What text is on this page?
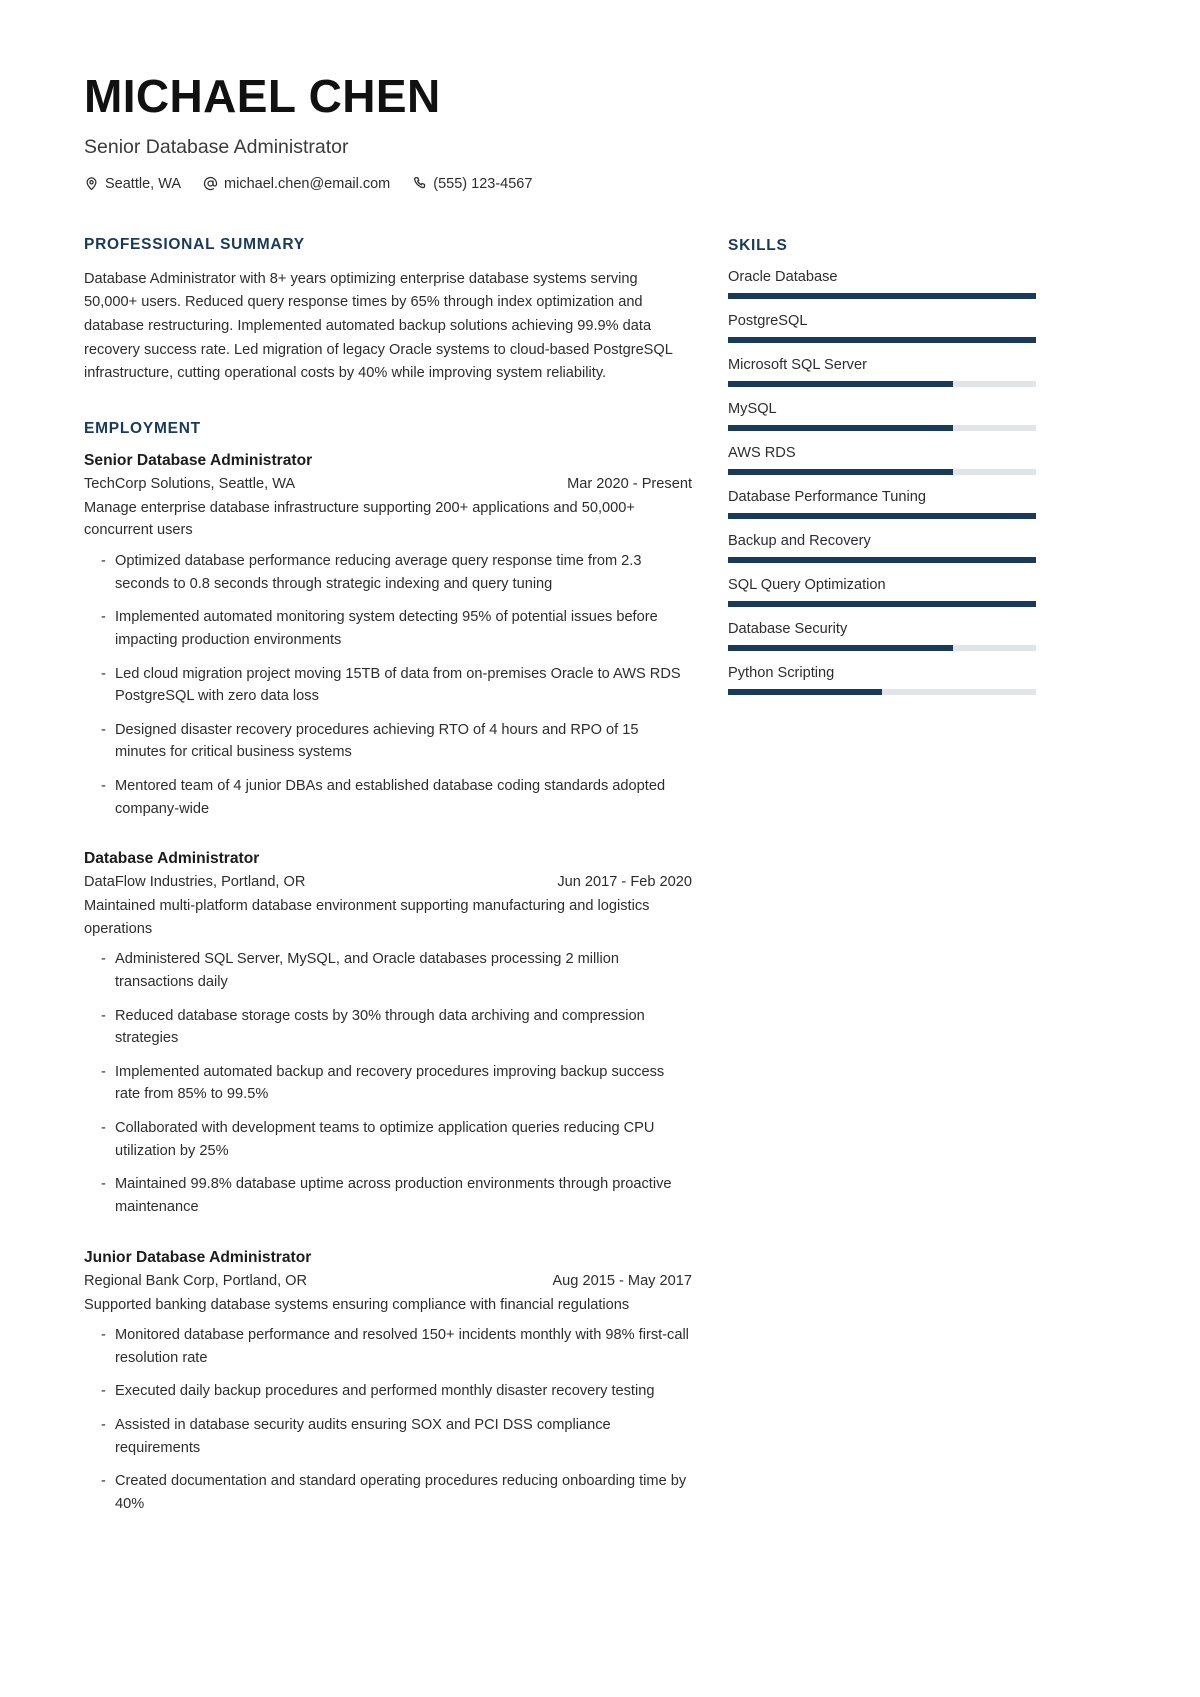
MICHAEL CHEN
Senior Database Administrator
Seattle, WA	michael.chen@email.com	(555) 123-4567
PROFESSIONAL SUMMARY
Database Administrator with 8+ years optimizing enterprise database systems serving 50,000+ users. Reduced query response times by 65% through index optimization and database restructuring. Implemented automated backup solutions achieving 99.9% data recovery success rate. Led migration of legacy Oracle systems to cloud-based PostgreSQL infrastructure, cutting operational costs by 40% while improving system reliability.
EMPLOYMENT
Senior Database Administrator
TechCorp Solutions, Seattle, WA	Mar 2020 - Present
Manage enterprise database infrastructure supporting 200+ applications and 50,000+ concurrent users
- Optimized database performance reducing average query response time from 2.3 seconds to 0.8 seconds through strategic indexing and query tuning
- Implemented automated monitoring system detecting 95% of potential issues before impacting production environments
- Led cloud migration project moving 15TB of data from on-premises Oracle to AWS RDS PostgreSQL with zero data loss
- Designed disaster recovery procedures achieving RTO of 4 hours and RPO of 15 minutes for critical business systems
- Mentored team of 4 junior DBAs and established database coding standards adopted company-wide
Database Administrator
DataFlow Industries, Portland, OR	Jun 2017 - Feb 2020
Maintained multi-platform database environment supporting manufacturing and logistics operations
- Administered SQL Server, MySQL, and Oracle databases processing 2 million transactions daily
- Reduced database storage costs by 30% through data archiving and compression strategies
- Implemented automated backup and recovery procedures improving backup success rate from 85% to 99.5%
- Collaborated with development teams to optimize application queries reducing CPU utilization by 25%
- Maintained 99.8% database uptime across production environments through proactive maintenance
Junior Database Administrator
Regional Bank Corp, Portland, OR	Aug 2015 - May 2017
Supported banking database systems ensuring compliance with financial regulations
- Monitored database performance and resolved 150+ incidents monthly with 98% first-call resolution rate
- Executed daily backup procedures and performed monthly disaster recovery testing
- Assisted in database security audits ensuring SOX and PCI DSS compliance requirements
- Created documentation and standard operating procedures reducing onboarding time by 40%
SKILLS
Oracle Database
PostgreSQL
Microsoft SQL Server
MySQL
AWS RDS
Database Performance Tuning
Backup and Recovery
SQL Query Optimization
Database Security
Python Scripting
